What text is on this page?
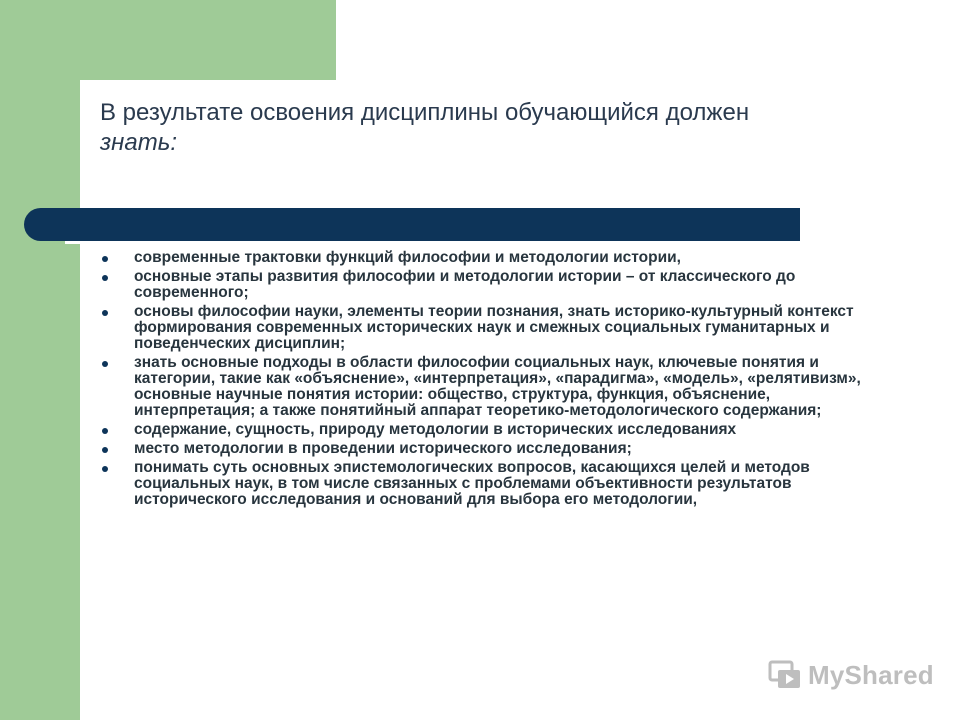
В результате освоения дисциплины обучающийся должен
знать:
современные трактовки функций философии и методологии истории,
основные этапы развития философии и методологии истории – от классического до современного;
основы философии науки, элементы теории познания, знать историко-культурный контекст формирования современных исторических наук и смежных социальных гуманитарных и поведенческих дисциплин;
знать основные подходы в области философии социальных наук, ключевые понятия и категории, такие как «объяснение», «интерпретация», «парадигма», «модель», «релятивизм», основные научные понятия истории: общество, структура, функция, объяснение, интерпретация; а также понятийный аппарат теоретико-методологического содержания;
содержание, сущность, природу методологии в исторических исследованиях
место методологии в проведении исторического исследования;
понимать суть основных эпистемологических вопросов, касающихся целей и методов социальных наук, в том числе связанных с проблемами объективности результатов исторического исследования и оснований для выбора его методологии,
MyShared
